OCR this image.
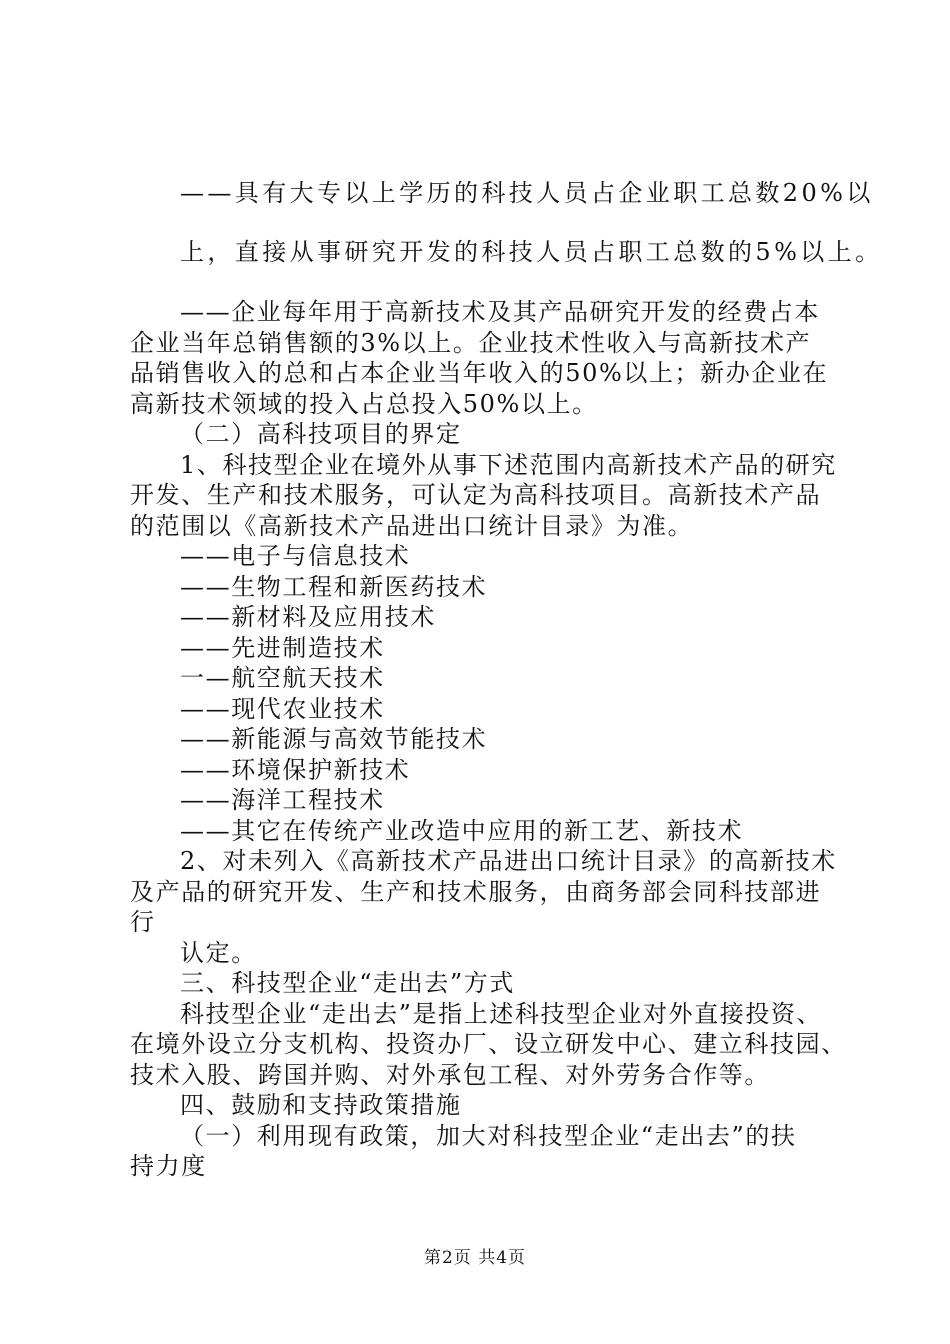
——具有大专以上学历的科技人员占企业职工总数20%以
上，直接从事研究开发的科技人员占职工总数的5%以上。
——企业每年用于高新技术及其产品研究开发的经费占本
企业当年总销售额的3%以上。企业技术性收入与高新技术产
品销售收入的总和占本企业当年收入的50%以上；新办企业在
高新技术领域的投入占总投入50%以上。
（二）高科技项目的界定
1、科技型企业在境外从事下述范围内高新技术产品的研究
开发、生产和技术服务，可认定为高科技项目。高新技术产品
的范围以《高新技术产品进出口统计目录》为准。
——电子与信息技术
——生物工程和新医药技术
——新材料及应用技术
——先进制造技术
一—航空航天技术
——现代农业技术
——新能源与高效节能技术
——环境保护新技术
——海洋工程技术
——其它在传统产业改造中应用的新工艺、新技术
2、对未列入《高新技术产品进出口统计目录》的高新技术
及产品的研究开发、生产和技术服务，由商务部会同科技部进
行
认定。
三、科技型企业“走出去”方式
科技型企业“走出去”是指上述科技型企业对外直接投资、
在境外设立分支机构、投资办厂、设立研发中心、建立科技园、
技术入股、跨国并购、对外承包工程、对外劳务合作等。
四、鼓励和支持政策措施
（一）利用现有政策，加大对科技型企业“走出去”的扶
持力度
第2页 共4页
